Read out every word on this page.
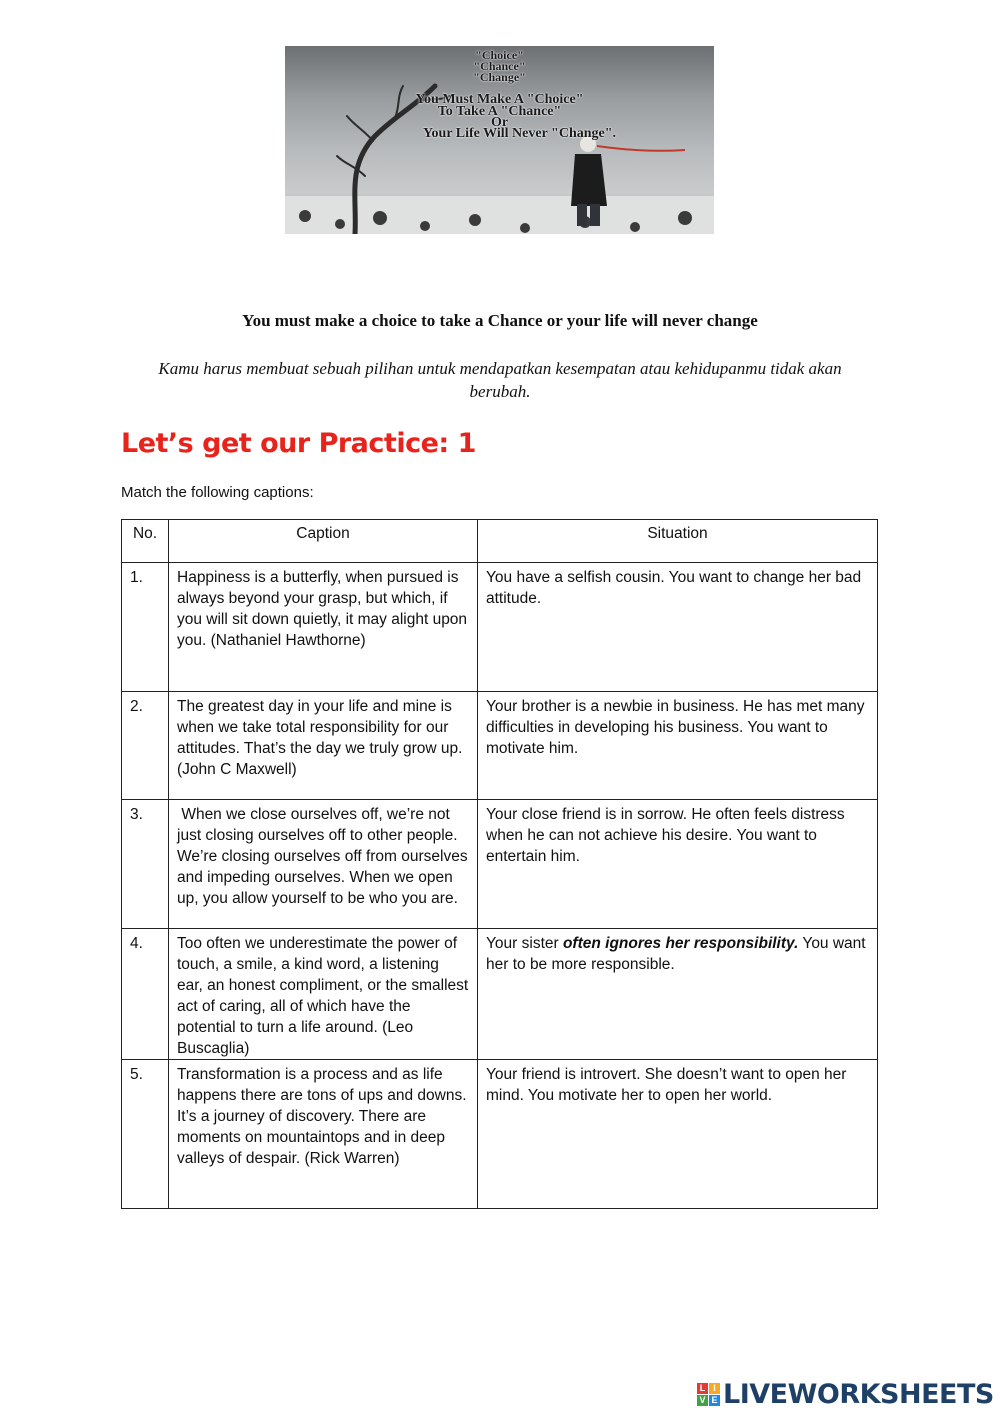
"Choice"
"Chance"
"Change"
You Must Make A "Choice"
To Take A "Chance"
Or
Your Life Will Never "Change".
You must make a choice to take a Chance or your life will never change
Kamu harus membuat sebuah pilihan untuk mendapatkan kesempatan atau kehidupanmu tidak akan berubah.
Let’s get our Practice: 1
Match the following captions:
No.	Caption	Situation
1.	Happiness is a butterfly, when pursued is always beyond your grasp, but which, if you will sit down quietly, it may alight upon you. (Nathaniel Hawthorne)	You have a selfish cousin. You want to change her bad attitude.
2.	The greatest day in your life and mine is when we take total responsibility for our attitudes. That’s the day we truly grow up. (John C Maxwell)	Your brother is a newbie in business. He has met many difficulties in developing his business. You want to motivate him.
3.	When we close ourselves off, we’re not just closing ourselves off to other people. We’re closing ourselves off from ourselves and impeding ourselves. When we open up, you allow yourself to be who you are.	Your close friend is in sorrow. He often feels distress when he can not achieve his desire. You want to entertain him.
4.	Too often we underestimate the power of touch, a smile, a kind word, a listening ear, an honest compliment, or the smallest act of caring, all of which have the potential to turn a life around. (Leo Buscaglia)	Your sister often ignores her responsibility. You want her to be more responsible.
5.	Transformation is a process and as life happens there are tons of ups and downs. It’s a journey of discovery. There are moments on mountaintops and in deep valleys of despair. (Rick Warren)	Your friend is introvert. She doesn’t want to open her mind. You motivate her to open her world.
L I
V E LIVEWORKSHEETS
